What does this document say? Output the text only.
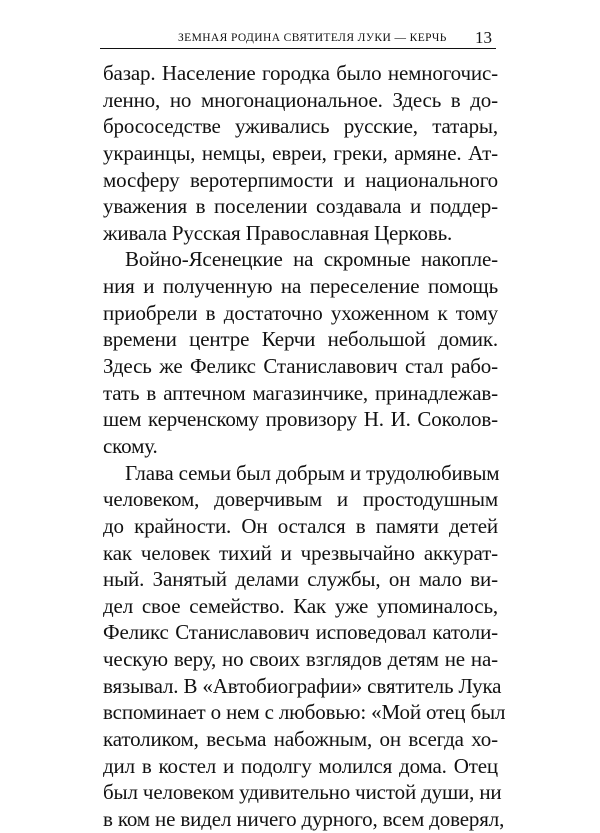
ЗЕМНАЯ РОДИНА СВЯТИТЕЛЯ ЛУКИ — КЕРЧЬ 13
базар. Население городка было немногочис-
ленно, но многонациональное. Здесь в до-
брососедстве уживались русские, татары,
украинцы, немцы, евреи, греки, армяне. Ат-
мосферу веротерпимости и национального
уважения в поселении создавала и поддер-
живала Русская Православная Церковь.
Войно-Ясенецкие на скромные накопле-
ния и полученную на переселение помощь
приобрели в достаточно ухоженном к тому
времени центре Керчи небольшой домик.
Здесь же Феликс Станиславович стал рабо-
тать в аптечном магазинчике, принадлежав-
шем керченскому провизору Н. И. Соколов-
скому.
Глава семьи был добрым и трудолюбивым
человеком, доверчивым и простодушным
до крайности. Он остался в памяти детей
как человек тихий и чрезвычайно аккурат-
ный. Занятый делами службы, он мало ви-
дел свое семейство. Как уже упоминалось,
Феликс Станиславович исповедовал католи-
ческую веру, но своих взглядов детям не на-
вязывал. В «Автобиографии» святитель Лука
вспоминает о нем с любовью: «Мой отец был
католиком, весьма набожным, он всегда хо-
дил в костел и подолгу молился дома. Отец
был человеком удивительно чистой души, ни
в ком не видел ничего дурного, всем доверял,
